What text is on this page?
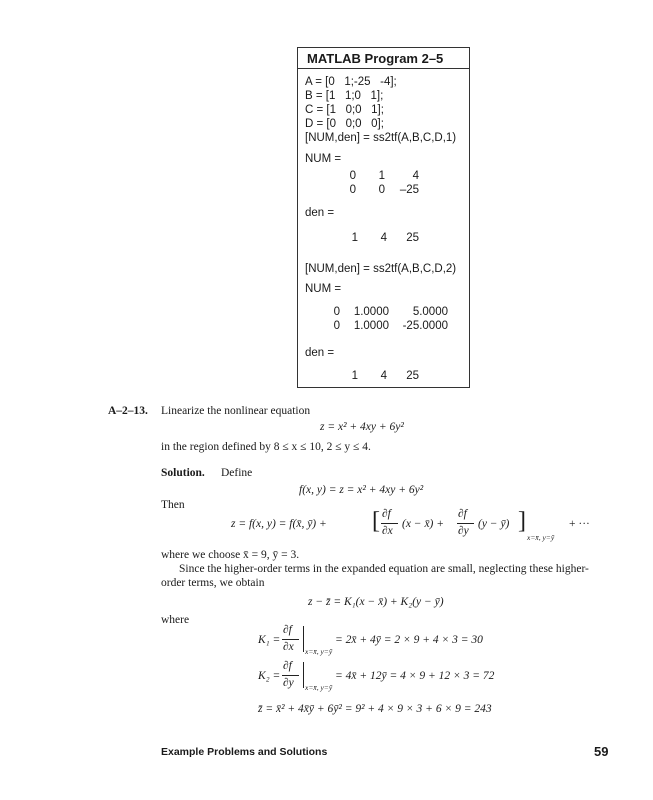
MATLAB Program 2–5
A = [0   1;-25   -4];
B = [1   1;0   1];
C = [1   0;0   1];
D = [0   0;0   0];
[NUM,den] = ss2tf(A,B,C,D,1)
NUM =
0	1	4
0	0	–25
den =
1	4	25
[NUM,den] = ss2tf(A,B,C,D,2)
NUM =
0	1.0000	5.0000
0	1.0000	-25.0000
den =
1	4	25
A–2–13. Linearize the nonlinear equation
z = x² + 4xy + 6y²
in the region defined by 8 ≤ x ≤ 10, 2 ≤ y ≤ 4.
Solution. Define
f(x, y) = z = x² + 4xy + 6y²
Then
z = f(x, y) = f(x̄, ȳ) + [ ∂f
∂x
(x − x̄) +
∂f
∂y
(y − ȳ) ]
x=x̄, y=ȳ
+ ···
where we choose x̄ = 9, ȳ = 3.
Since the higher-order terms in the expanded equation are small, neglecting these higher-
order terms, we obtain
z − z̄ = K₁(x − x̄) + K₂(y − ȳ)
where
K₁ =
∂f
∂x x=x̄, y=ȳ
= 2x̄ + 4ȳ = 2 × 9 + 4 × 3 = 30
K₂ =
∂f
∂y x=x̄, y=ȳ
= 4x̄ + 12ȳ = 4 × 9 + 12 × 3 = 72
z̄ = x̄² + 4x̄ȳ + 6ȳ² = 9² + 4 × 9 × 3 + 6 × 9 = 243
Example Problems and Solutions	59
